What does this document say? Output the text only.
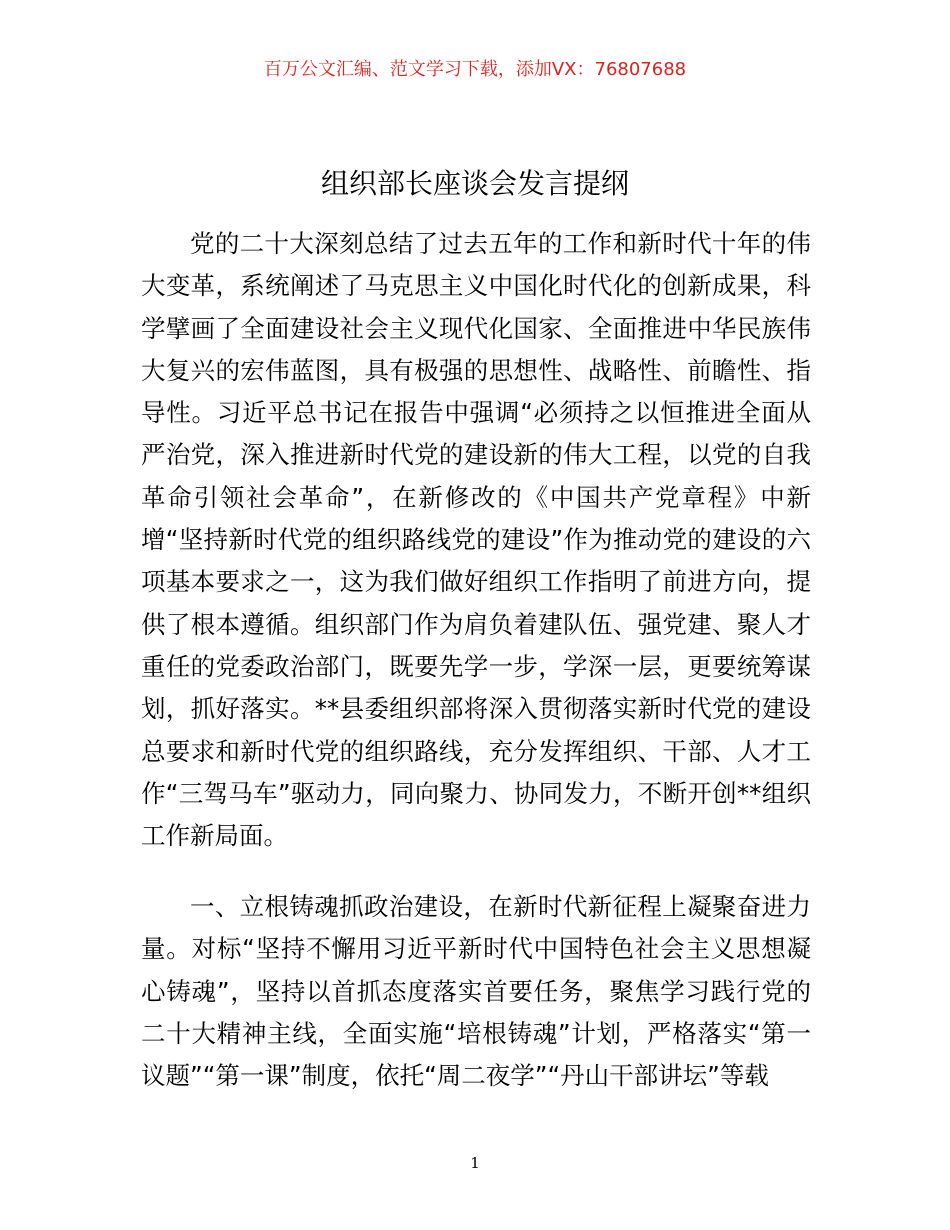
百万公文汇编、范文学习下载，添加VX：76807688
组织部长座谈会发言提纲

党的二十大深刻总结了过去五年的工作和新时代十年的伟大变革，系统阐述了马克思主义中国化时代化的创新成果，科学擘画了全面建设社会主义现代化国家、全面推进中华民族伟大复兴的宏伟蓝图，具有极强的思想性、战略性、前瞻性、指导性。习近平总书记在报告中强调“必须持之以恒推进全面从严治党，深入推进新时代党的建设新的伟大工程，以党的自我革命引领社会革命”，在新修改的《中国共产党章程》中新增“坚持新时代党的组织路线党的建设”作为推动党的建设的六项基本要求之一，这为我们做好组织工作指明了前进方向，提供了根本遵循。组织部门作为肩负着建队伍、强党建、聚人才重任的党委政治部门，既要先学一步，学深一层，更要统筹谋划，抓好落实。**县委组织部将深入贯彻落实新时代党的建设总要求和新时代党的组织路线，充分发挥组织、干部、人才工作“三驾马车”驱动力，同向聚力、协同发力，不断开创**组织工作新局面。

一、立根铸魂抓政治建设，在新时代新征程上凝聚奋进力量。对标“坚持不懈用习近平新时代中国特色社会主义思想凝心铸魂”，坚持以首抓态度落实首要任务，聚焦学习践行党的二十大精神主线，全面实施“培根铸魂”计划，严格落实“第一议题”“第一课”制度，依托“周二夜学”“丹山干部讲坛”等载

1
